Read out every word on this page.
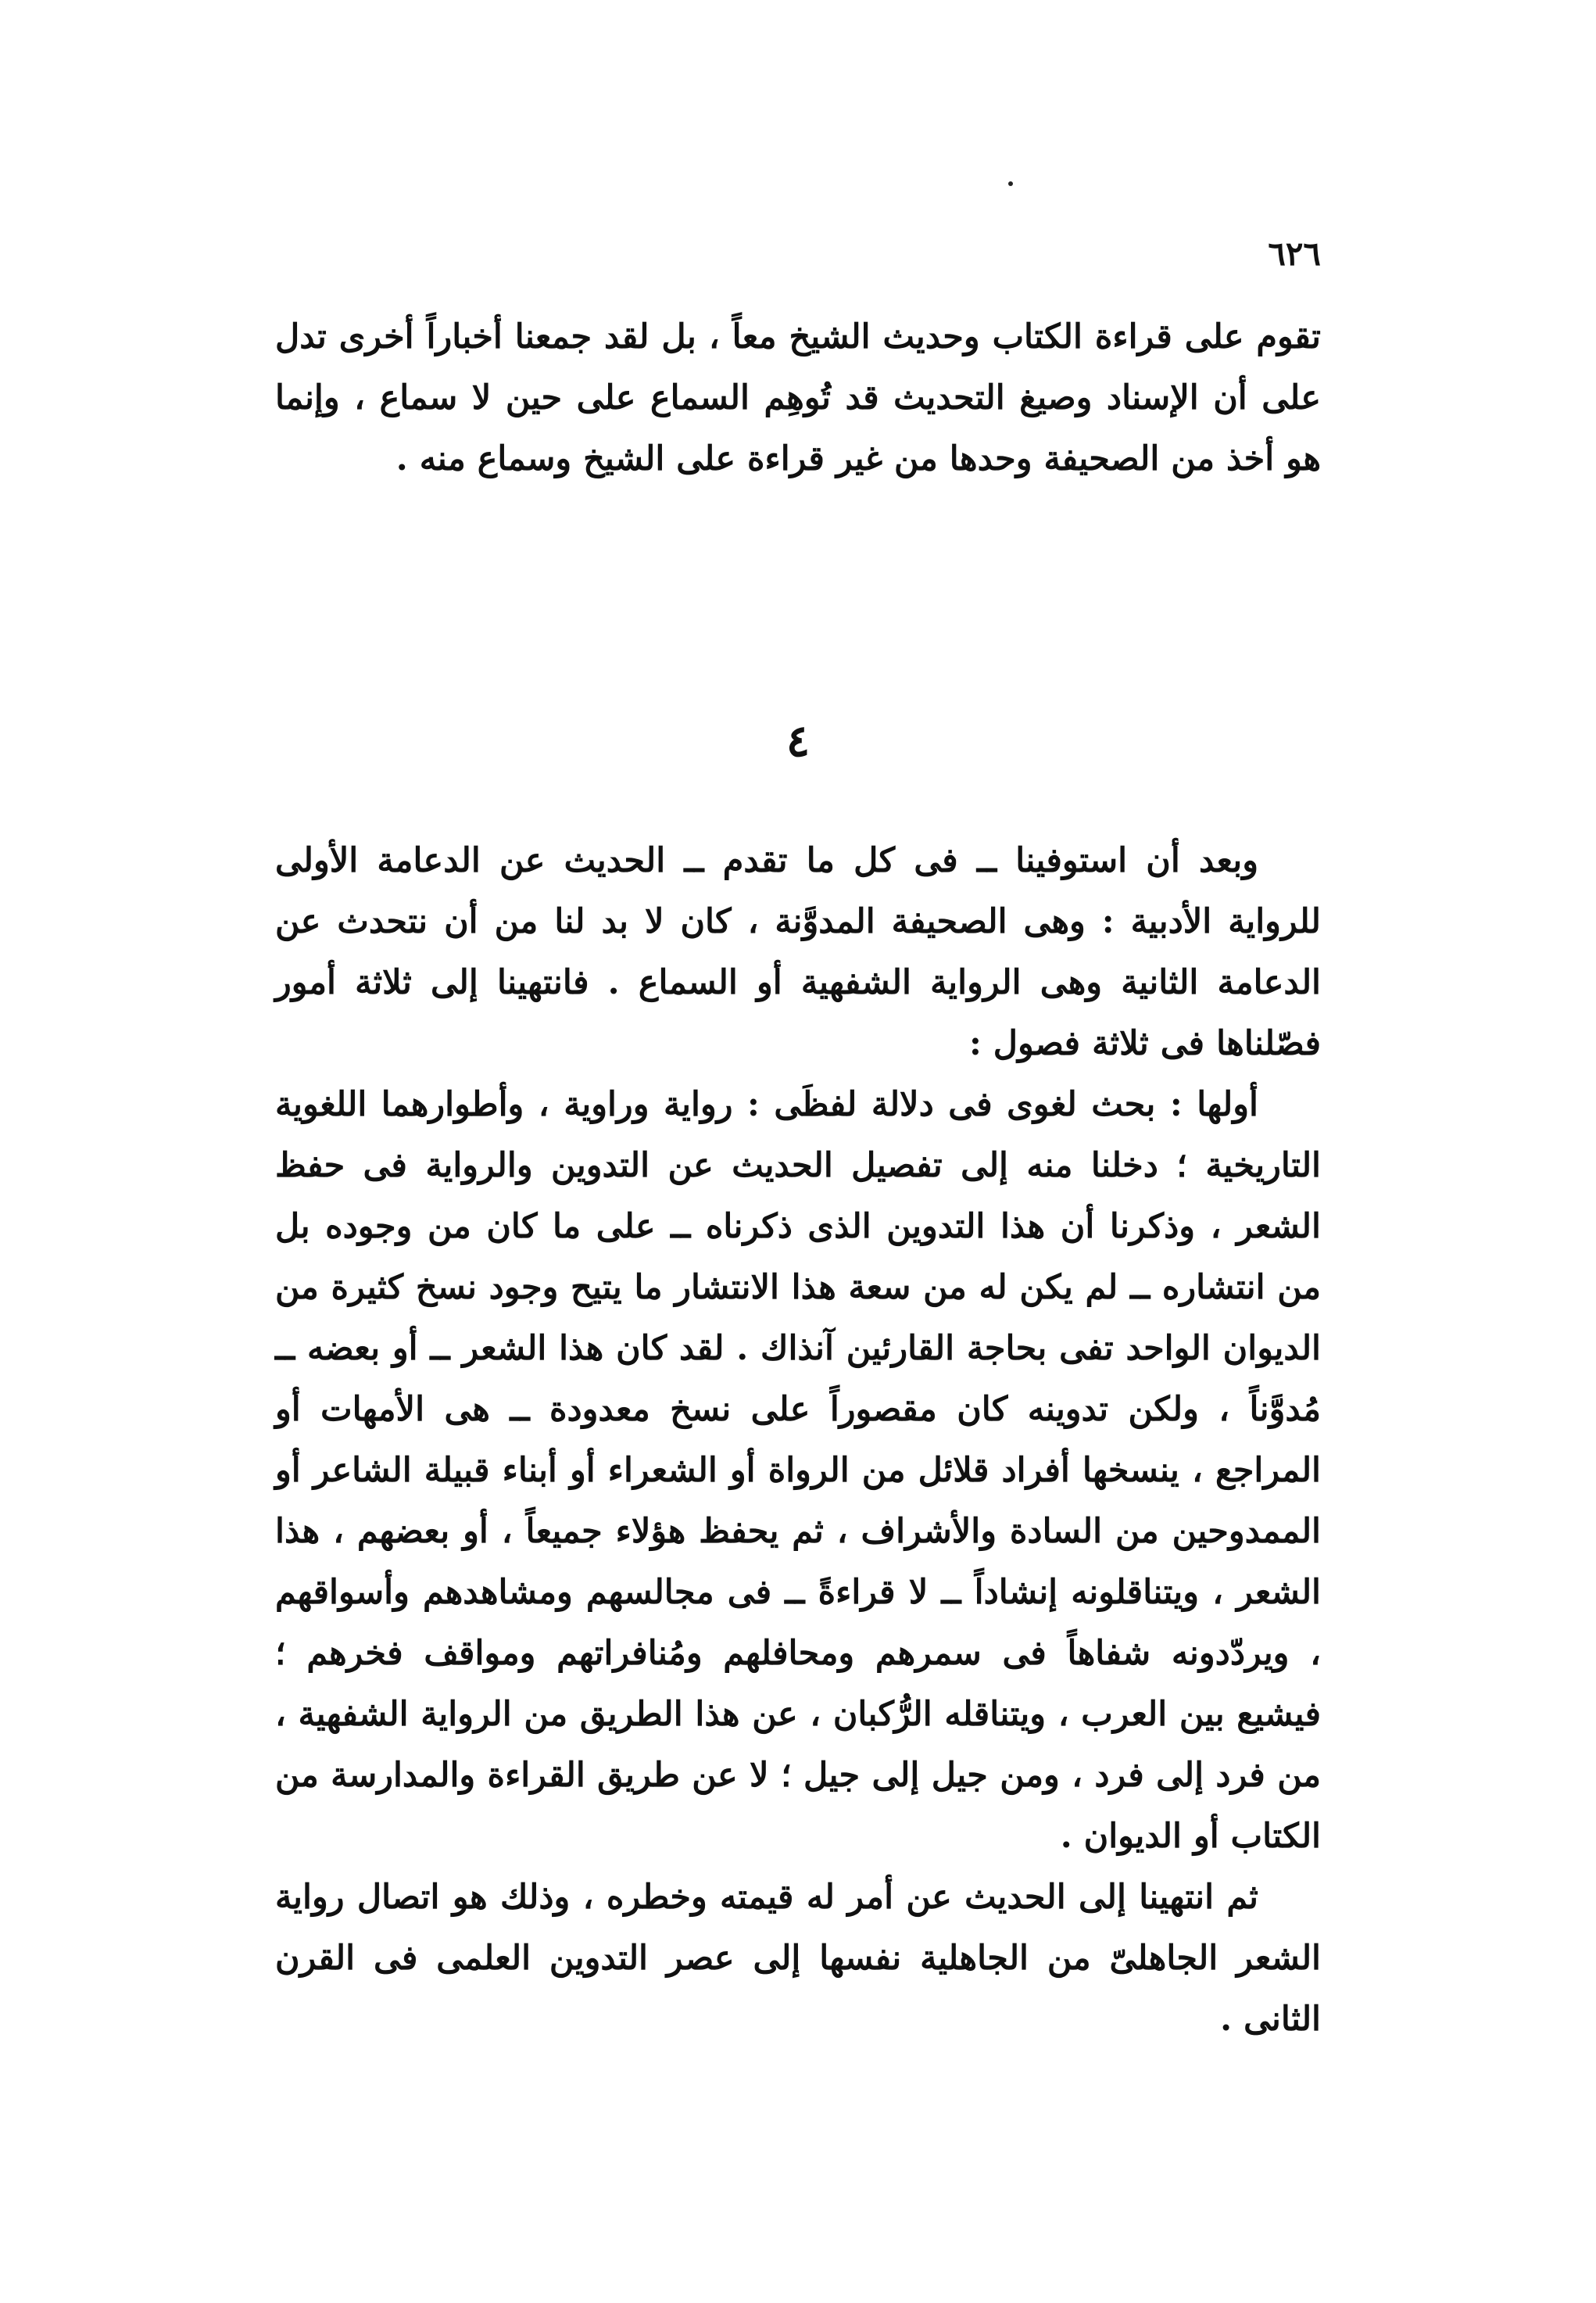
٦٢٦

تقوم على قراءة الكتاب وحديث الشيخ معاً ، بل لقد جمعنا أخباراً أخرى تدل على أن الإسناد وصيغ التحديث قد تُوهِم السماع على حين لا سماع ، وإنما هو أخذ من الصحيفة وحدها من غير قراءة على الشيخ وسماع منه .

٤

وبعد أن استوفينا ــ فى كل ما تقدم ــ الحديث عن الدعامة الأولى للرواية الأدبية : وهى الصحيفة المدوَّنة ، كان لا بد لنا من أن نتحدث عن الدعامة الثانية وهى الرواية الشفهية أو السماع . فانتهينا إلى ثلاثة أمور فصّلناها فى ثلاثة فصول :

أولها : بحث لغوى فى دلالة لفظَى : رواية وراوية ، وأطوارهما اللغوية التاريخية ؛ دخلنا منه إلى تفصيل الحديث عن التدوين والرواية فى حفظ الشعر ، وذكرنا أن هذا التدوين الذى ذكرناه ــ على ما كان من وجوده بل من انتشاره ــ لم يكن له من سعة هذا الانتشار ما يتيح وجود نسخ كثيرة من الديوان الواحد تفى بحاجة القارئين آنذاك . لقد كان هذا الشعر ــ أو بعضه ــ مُدوَّناً ، ولكن تدوينه كان مقصوراً على نسخ معدودة ــ هى الأمهات أو المراجع ، ينسخها أفراد قلائل من الرواة أو الشعراء أو أبناء قبيلة الشاعر أو الممدوحين من السادة والأشراف ، ثم يحفظ هؤلاء جميعاً ، أو بعضهم ، هذا الشعر ، ويتناقلونه إنشاداً ــ لا قراءةً ــ فى مجالسهم ومشاهدهم وأسواقهم ، ويردّدونه شفاهاً فى سمرهم ومحافلهم ومُنافراتهم ومواقف فخرهم ؛ فيشيع بين العرب ، ويتناقله الرُّكبان ، عن هذا الطريق من الرواية الشفهية ، من فرد إلى فرد ، ومن جيل إلى جيل ؛ لا عن طريق القراءة والمدارسة من الكتاب أو الديوان .

ثم انتهينا إلى الحديث عن أمر له قيمته وخطره ، وذلك هو اتصال رواية الشعر الجاهلىّ من الجاهلية نفسها إلى عصر التدوين العلمى فى القرن الثانى .
